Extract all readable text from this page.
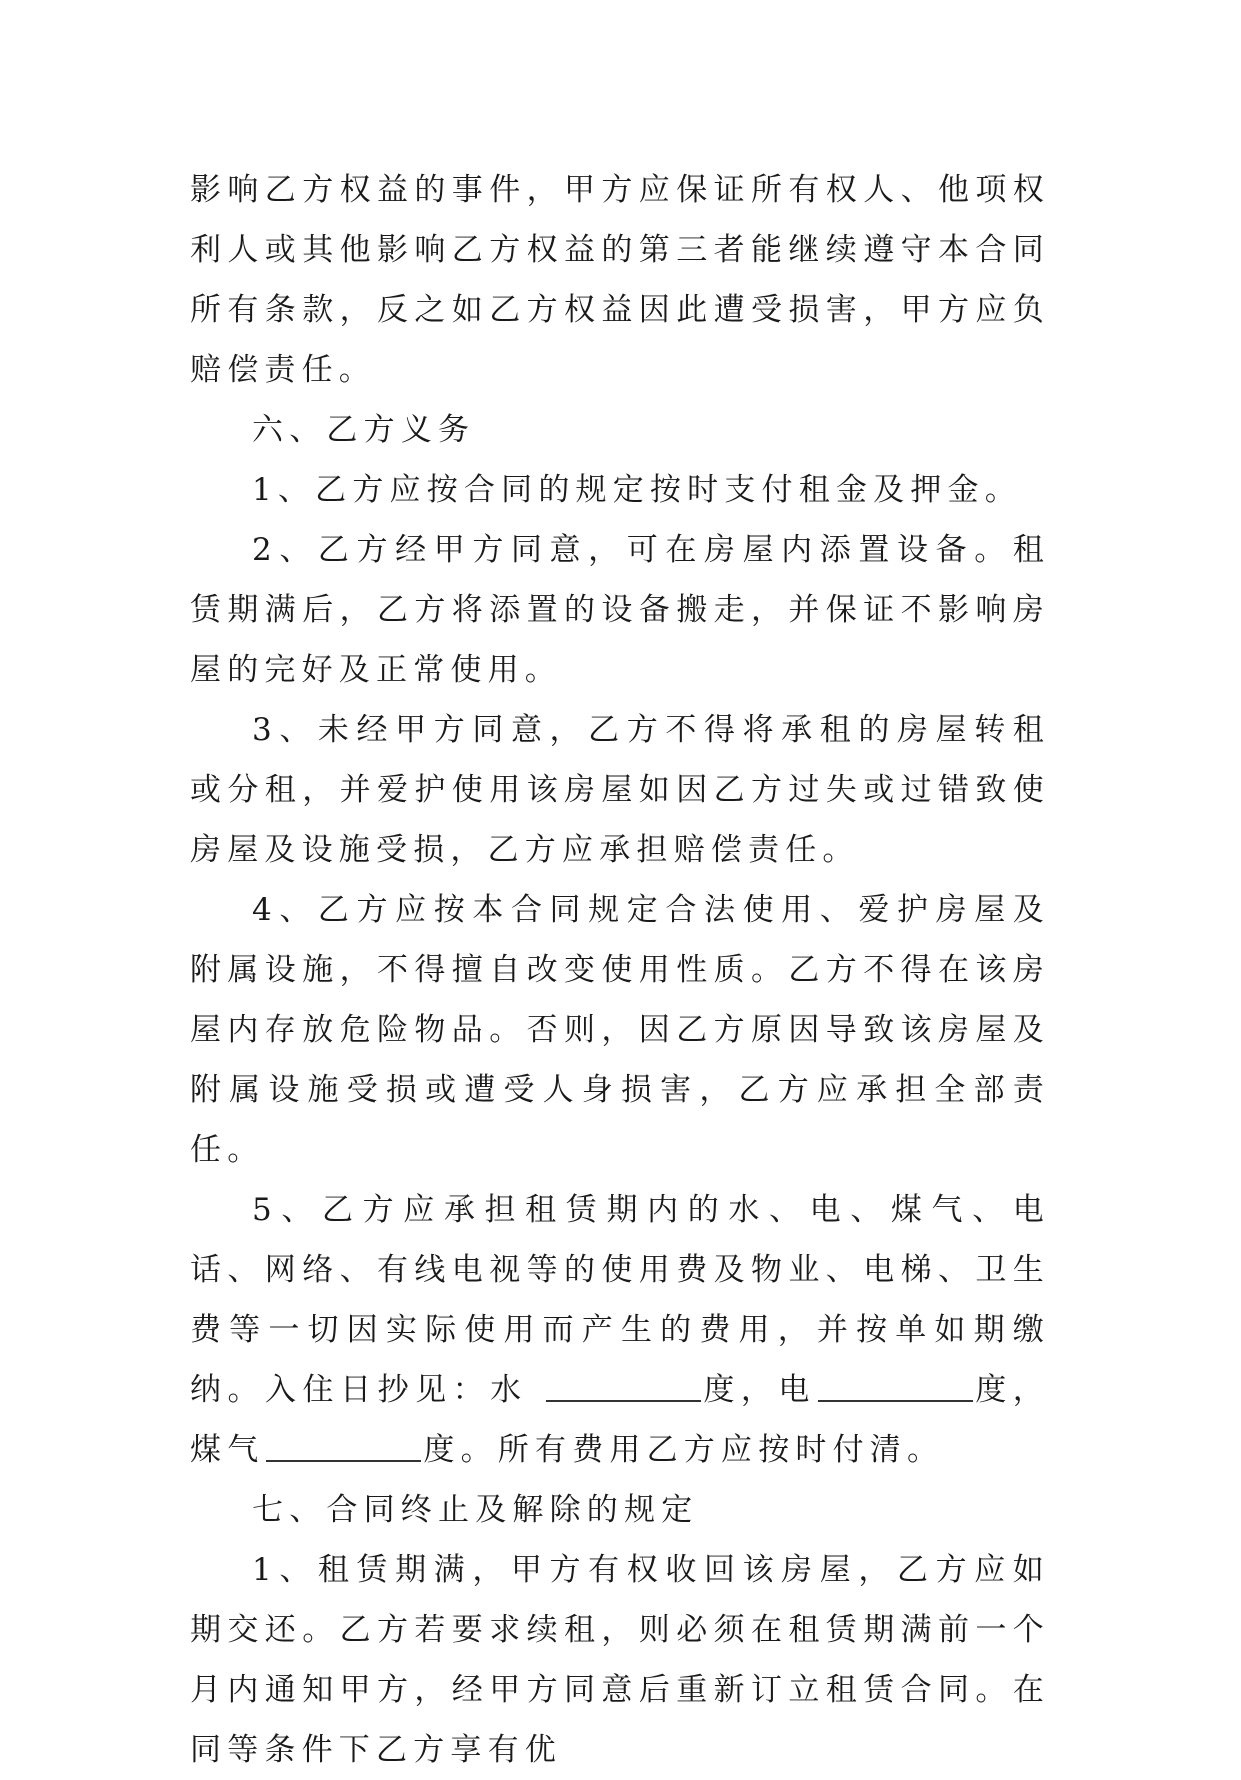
影响乙方权益的事件，甲方应保证所有权人、他项权利人或其他影响乙方权益的第三者能继续遵守本合同所有条款，反之如乙方权益因此遭受损害，甲方应负赔偿责任。

六、乙方义务

1、乙方应按合同的规定按时支付租金及押金。

2、乙方经甲方同意，可在房屋内添置设备。租赁期满后，乙方将添置的设备搬走，并保证不影响房屋的完好及正常使用。

3、未经甲方同意，乙方不得将承租的房屋转租或分租，并爱护使用该房屋如因乙方过失或过错致使房屋及设施受损，乙方应承担赔偿责任。

4、乙方应按本合同规定合法使用、爱护房屋及附属设施，不得擅自改变使用性质。乙方不得在该房屋内存放危险物品。否则，因乙方原因导致该房屋及附属设施受损或遭受人身损害，乙方应承担全部责任。

5、乙方应承担租赁期内的水、电、煤气、电话、网络、有线电视等的使用费及物业、电梯、卫生费等一切因实际使用而产生的费用，并按单如期缴纳。入住日抄见：水	度，电	度，煤气	度。所有费用乙方应按时付清。

七、合同终止及解除的规定

1、租赁期满，甲方有权收回该房屋，乙方应如期交还。乙方若要求续租，则必须在租赁期满前一个月内通知甲方，经甲方同意后重新订立租赁合同。在同等条件下乙方享有优
